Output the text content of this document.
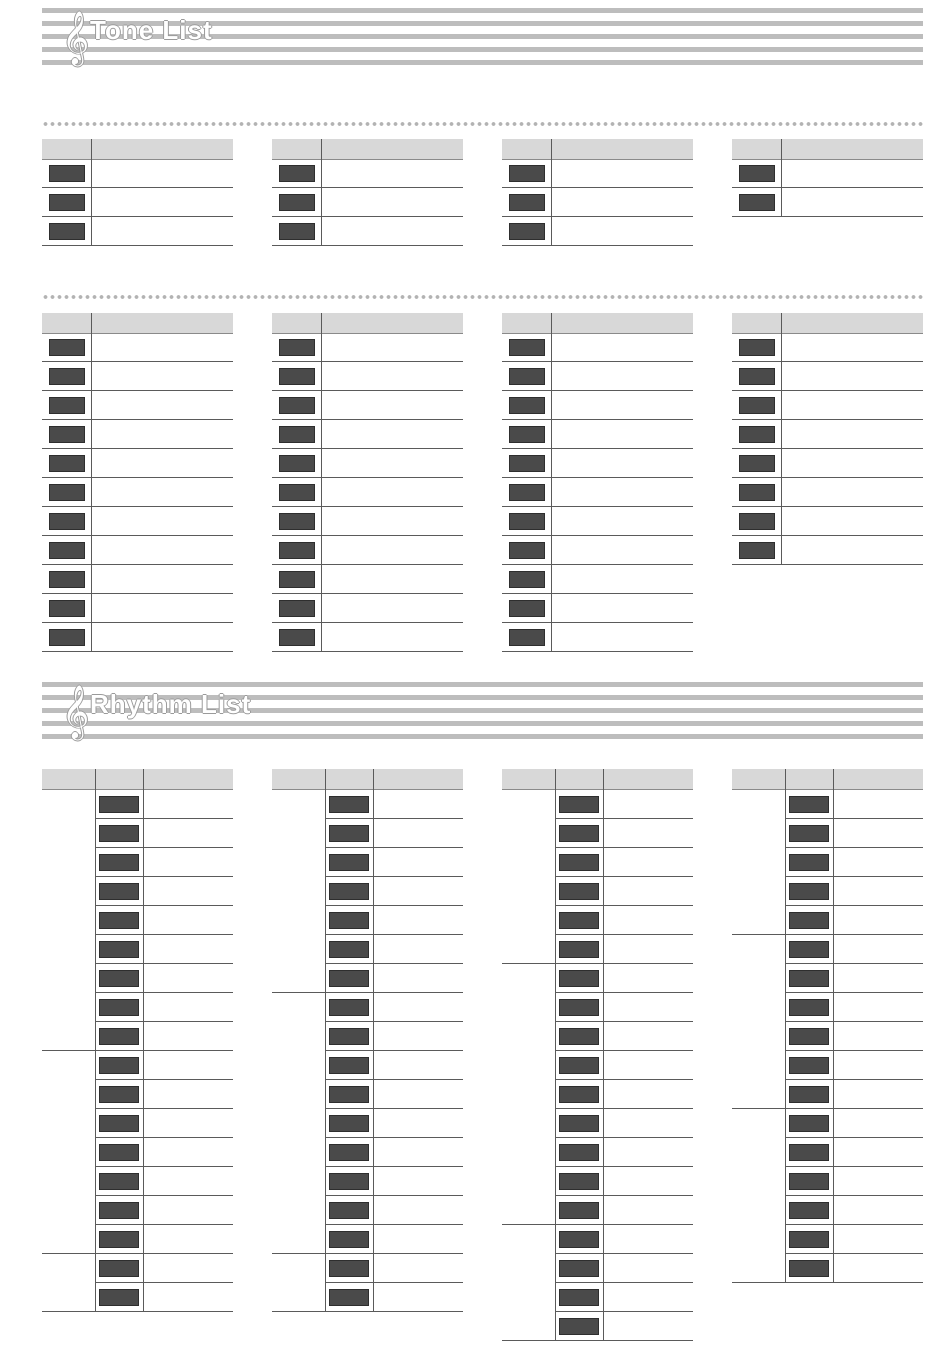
𝄞 Tone List
𝄞 Rhythm List
